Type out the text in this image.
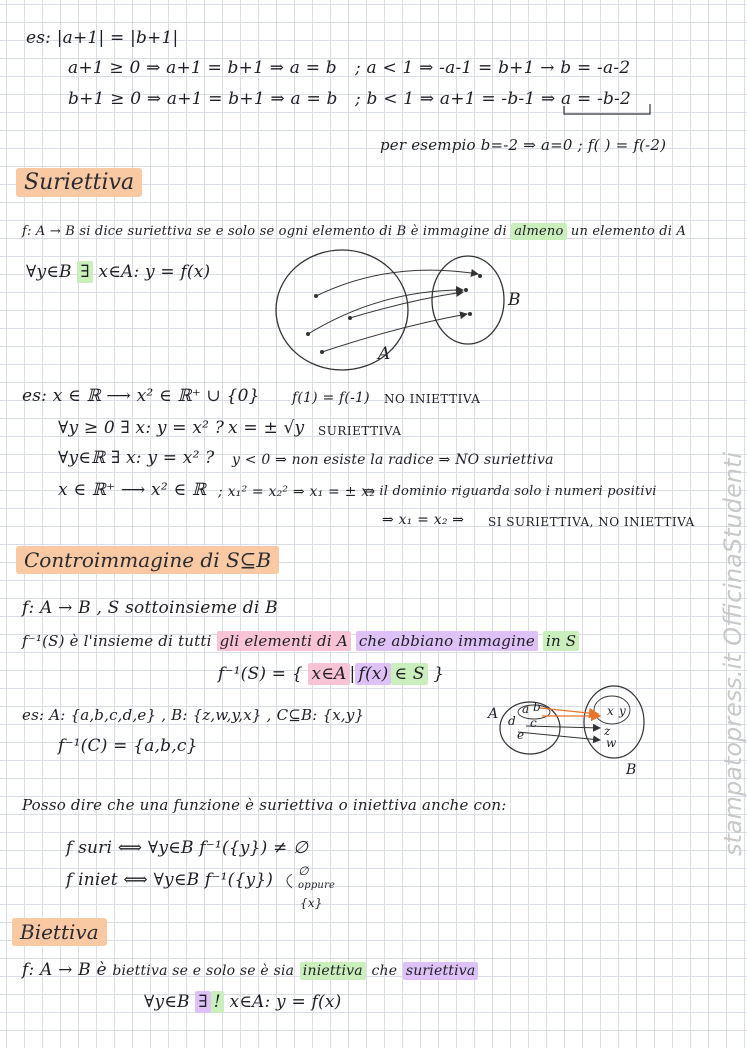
es: |a+1| = |b+1|
a+1 ≥ 0 ⇒ a+1 = b+1 ⇒ a = b ; a < 1 ⇒ -a-1 = b+1 → b = -a-2
b+1 ≥ 0 ⇒ a+1 = b+1 ⇒ a = b ; b < 1 ⇒ a+1 = -b-1 ⇒ a = -b-2
per esempio b=-2 ⇒ a=0 ; f( ) = f(-2)
Suriettiva
f: A → B si dice suriettiva se e solo se ogni elemento di B è immagine di almeno un elemento di A
∀y∈B ∃ x∈A: y = f(x)
A
B
es: x ∈ ℝ ⟶ x² ∈ ℝ⁺ ∪ {0} f(1) = f(-1) NO INIETTIVA
∀y ≥ 0 ∃ x: y = x² ? x = ± √y SURIETTIVA
∀y∈ℝ ∃ x: y = x² ? y < 0 ⇒ non esiste la radice ⇒ NO suriettiva
x ∈ ℝ⁺ ⟶ x² ∈ ℝ ; x₁² = x₂² ⇒ x₁ = ± x₂
⇒ il dominio riguarda solo i numeri positivi
⇒ x₁ = x₂ ⇒ SI SURIETTIVA, NO INIETTIVA
Controimmagine di S⊆B
f: A → B , S sottoinsieme di B
f⁻¹(S) è l'insieme di tutti gli elementi di A che abbiano immagine in S
f⁻¹(S) = { x∈A | f(x) ∈ S }
es: A: {a,b,c,d,e} , B: {z,w,y,x} , C⊆B: {x,y}
f⁻¹(C) = {a,b,c}
A
B
a b
d
e
c
x y
z
w
Posso dire che una funzione è suriettiva o iniettiva anche con:
f suri ⟺ ∀y∈B f⁻¹({y}) ≠ ∅
f iniet ⟺ ∀y∈B f⁻¹({y}) ∅
oppure
{x}
Biettiva
f: A → B è biettiva se e solo se è sia iniettiva che suriettiva
∀y∈B ∃ ! x∈A: y = f(x)
stampatopress.it OfficinaStudenti
